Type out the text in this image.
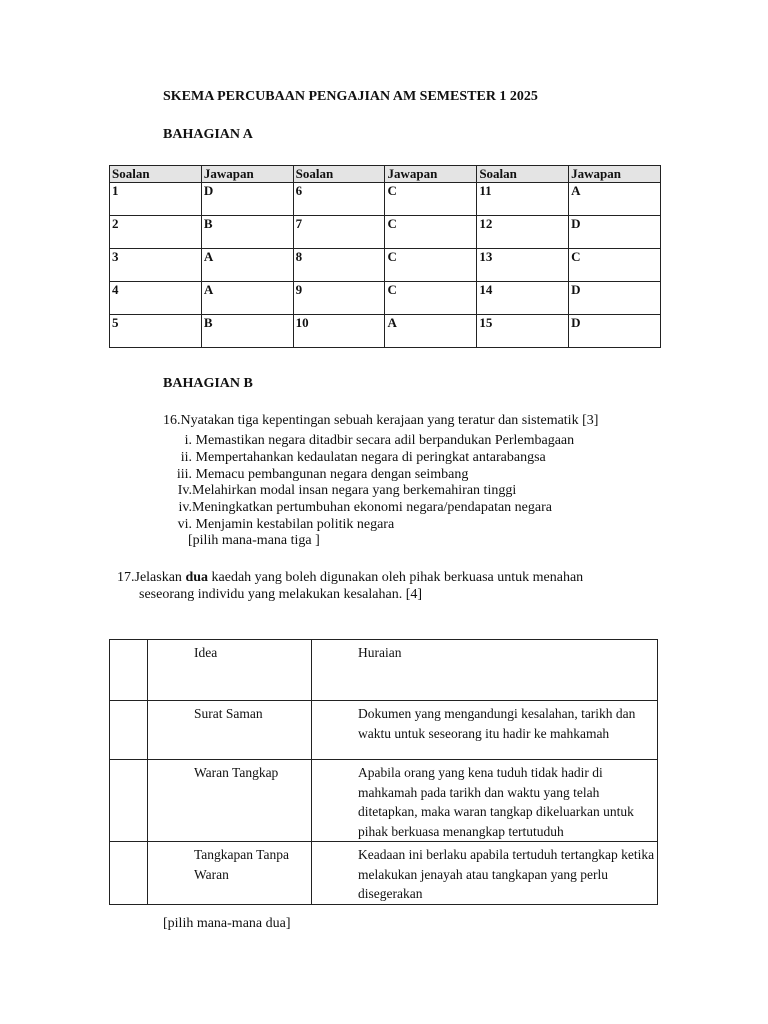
SKEMA PERCUBAAN PENGAJIAN AM SEMESTER 1 2025
BAHAGIAN A
Soalan	Jawapan	Soalan	Jawapan	Soalan	Jawapan
1	D	6	C	11	A
2	B	7	C	12	D
3	A	8	C	13	C
4	A	9	C	14	D
5	B	10	A	15	D
BAHAGIAN B
16.Nyatakan tiga kepentingan sebuah kerajaan yang teratur dan sistematik [3]
i. Memastikan negara ditadbir secara adil berpandukan Perlembagaan
ii. Mempertahankan kedaulatan negara di peringkat antarabangsa
iii. Memacu pembangunan negara dengan seimbang
Iv.Melahirkan modal insan negara yang berkemahiran tinggi
iv.Meningkatkan pertumbuhan ekonomi negara/pendapatan negara
vi. Menjamin kestabilan politik negara
[pilih mana-mana tiga ]
17.Jelaskan dua kaedah yang boleh digunakan oleh pihak berkuasa untuk menahan
seseorang individu yang melakukan kesalahan. [4]
	Idea	Huraian
	Surat Saman	Dokumen yang mengandungi kesalahan, tarikh dan waktu untuk seseorang itu hadir ke mahkamah
	Waran Tangkap	Apabila orang yang kena tuduh tidak hadir di mahkamah pada tarikh dan waktu yang telah ditetapkan, maka waran tangkap dikeluarkan untuk pihak berkuasa menangkap tertutuduh
	Tangkapan Tanpa Waran	Keadaan ini berlaku apabila tertuduh tertangkap ketika melakukan jenayah atau tangkapan yang perlu disegerakan
[pilih mana-mana dua]
